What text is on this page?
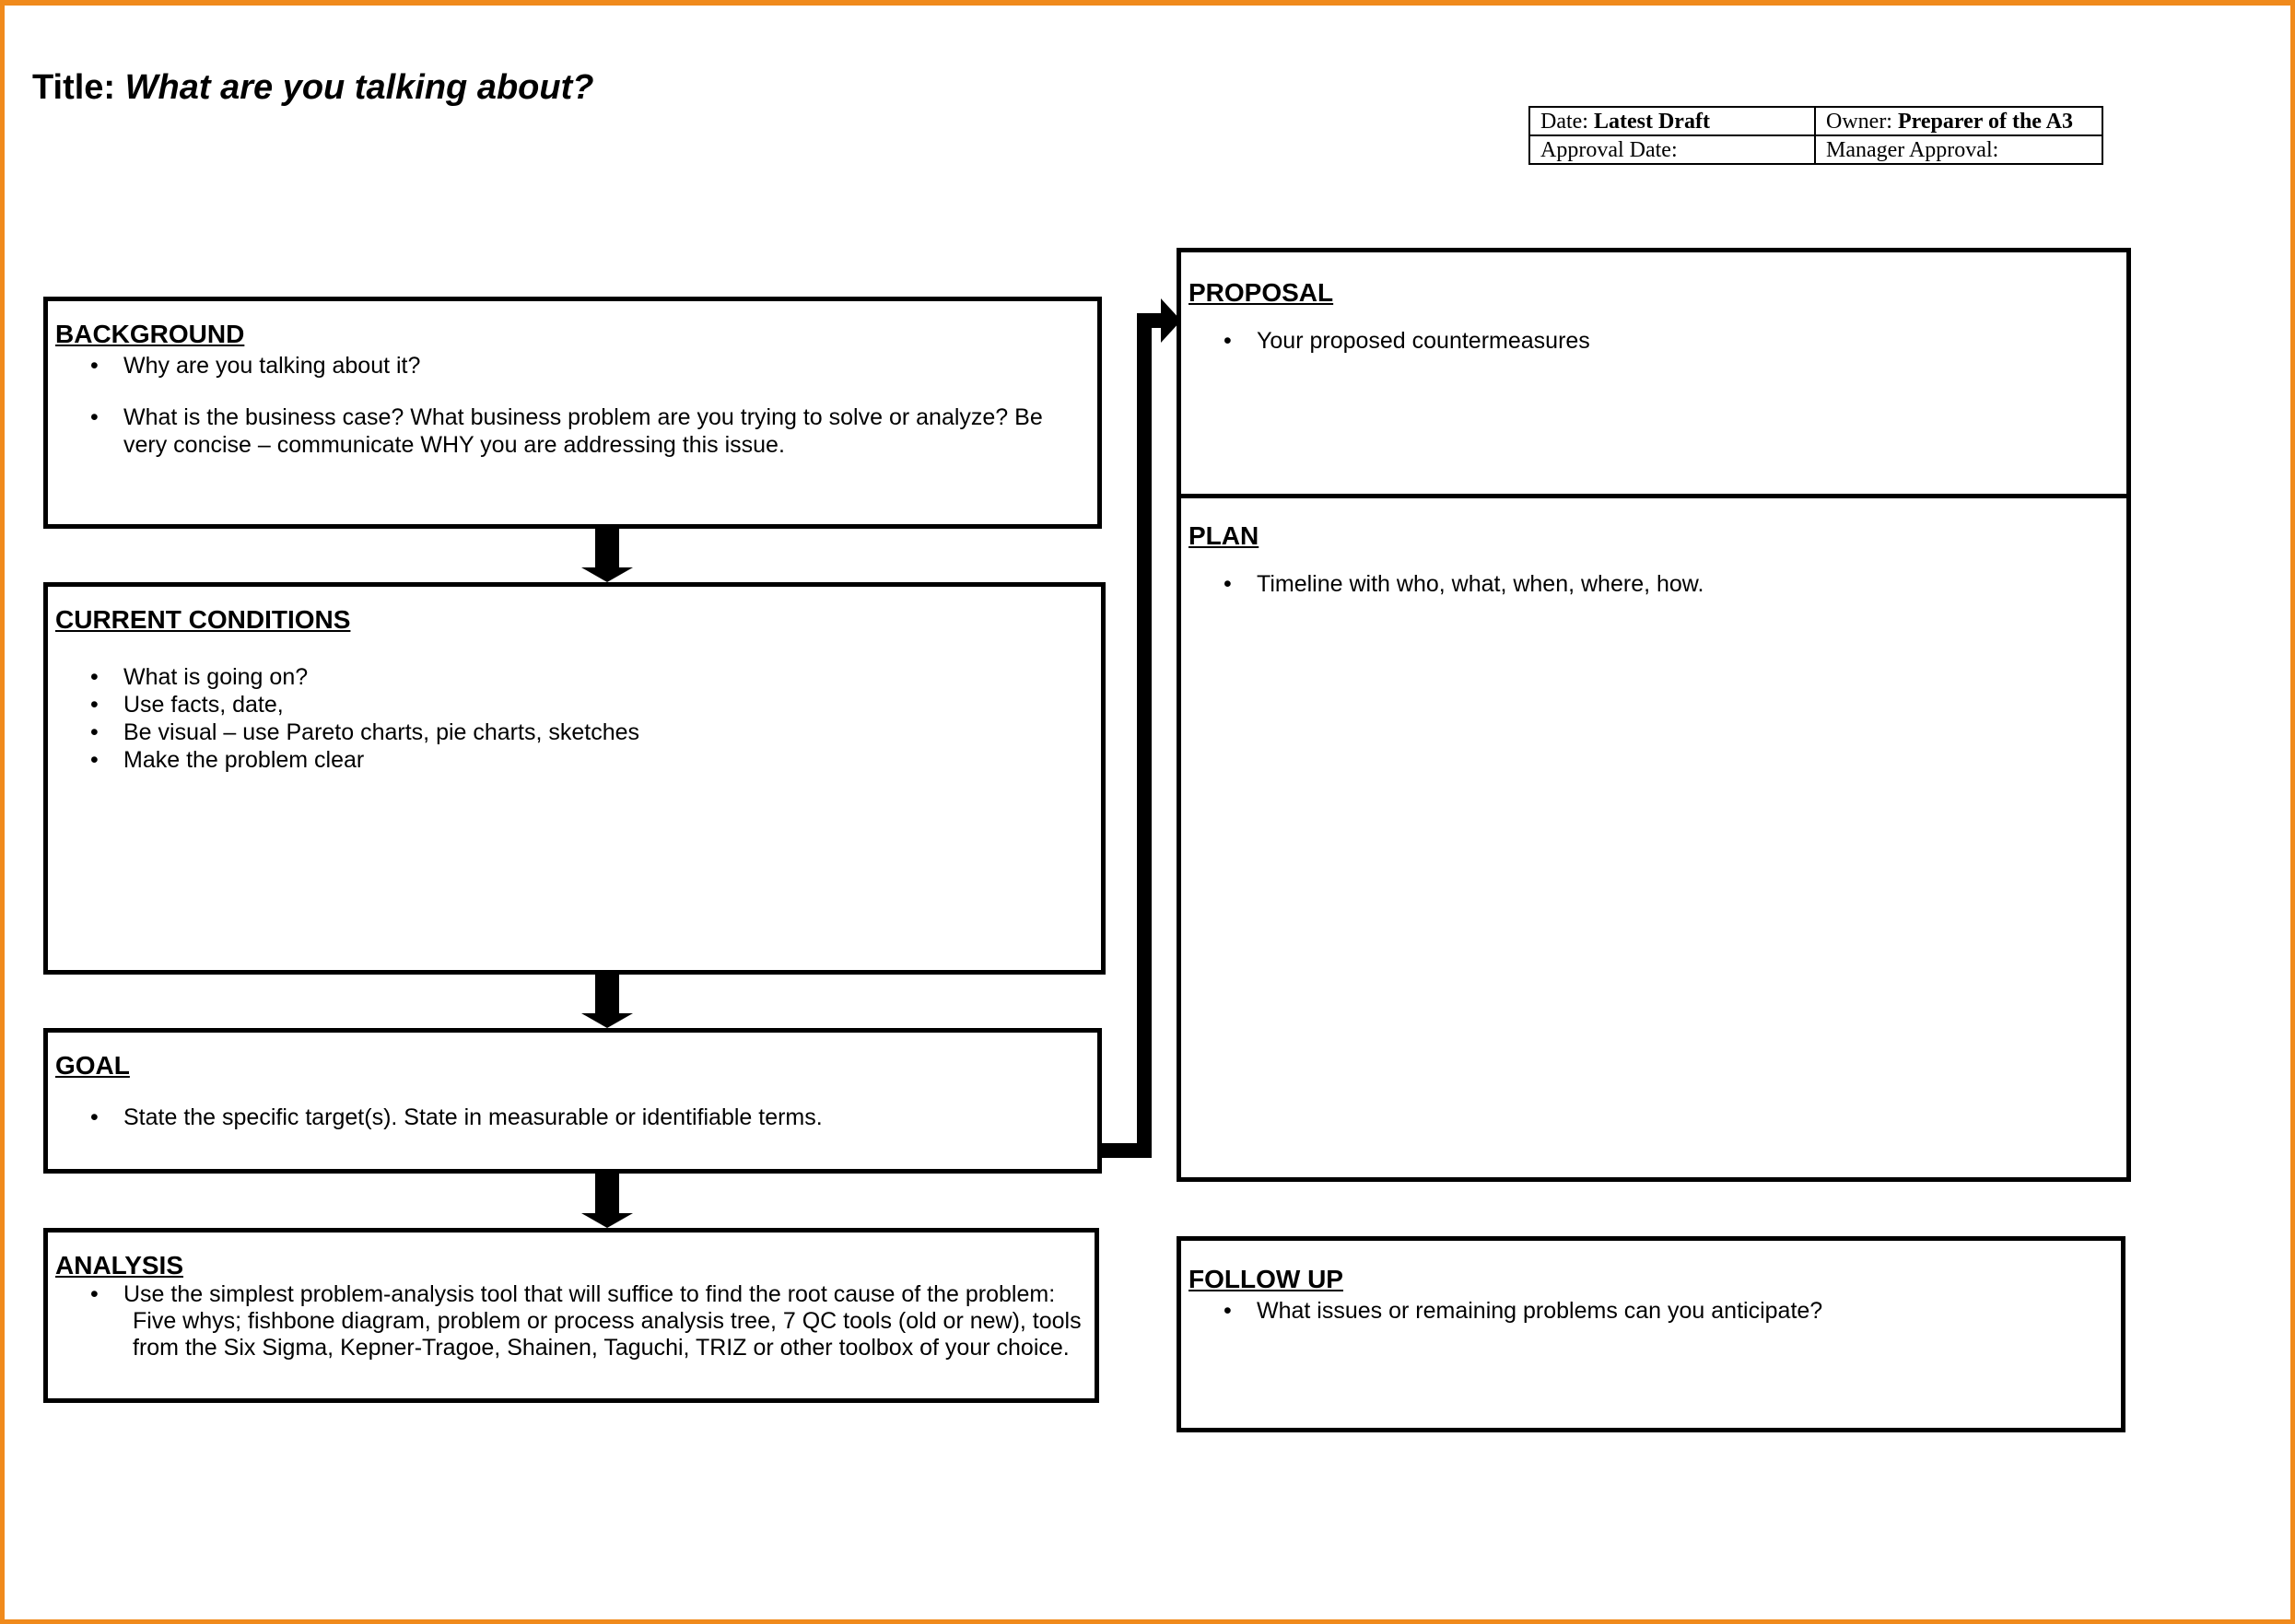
Title: What are you talking about?
Date: Latest Draft	Owner: Preparer of the A3
Approval Date:	Manager Approval:
BACKGROUND
• Why are you talking about it?
• What is the business case? What business problem are you trying to solve or analyze? Be very concise – communicate WHY you are addressing this issue.
CURRENT CONDITIONS
• What is going on?
• Use facts, date,
• Be visual – use Pareto charts, pie charts, sketches
• Make the problem clear
GOAL
• State the specific target(s). State in measurable or identifiable terms.
ANALYSIS
• Use the simplest problem-analysis tool that will suffice to find the root cause of the problem: Five whys; fishbone diagram, problem or process analysis tree, 7 QC tools (old or new), tools from the Six Sigma, Kepner-Tragoe, Shainen, Taguchi, TRIZ or other toolbox of your choice.
PROPOSAL
• Your proposed countermeasures
PLAN
• Timeline with who, what, when, where, how.
FOLLOW UP
• What issues or remaining problems can you anticipate?
